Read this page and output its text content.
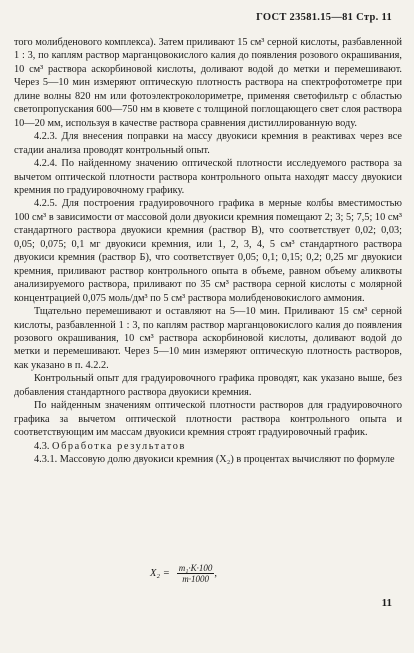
ГОСТ 23581.15—81 Стр. 11

того молибденового комплекса). Затем приливают 15 см³ серной кислоты, разбавленной 1 : 3, по каплям раствор марганцовокислого калия до появления розового окрашивания, 10 см³ раствора аскорбиновой кислоты, доливают водой до метки и перемешивают. Через 5—10 мин измеряют оптическую плотность раствора на спектрофотометре при длине волны 820 нм или фотоэлектроколориметре, применяя светофильтр с областью светопропускания 600—750 нм в кювете с толщиной поглощающего свет слоя раствора 10—20 мм, используя в качестве раствора сравнения дистиллированную воду.

4.2.3. Для внесения поправки на массу двуокиси кремния в реактивах через все стадии анализа проводят контрольный опыт.

4.2.4. По найденному значению оптической плотности исследуемого раствора за вычетом оптической плотности раствора контрольного опыта находят массу двуокиси кремния по градуировочному графику.

4.2.5. Для построения градуировочного графика в мерные колбы вместимостью 100 см³ в зависимости от массовой доли двуокиси кремния помещают 2; 3; 5; 7,5; 10 см³ стандартного раствора двуокиси кремния (раствор В), что соответствует 0,02; 0,03; 0,05; 0,075; 0,1 мг двуокиси кремния, или 1, 2, 3, 4, 5 см³ стандартного раствора двуокиси кремния (раствор Б), что соответствует 0,05; 0,1; 0,15; 0,2; 0,25 мг двуокиси кремния, приливают раствор контрольного опыта в объеме, равном объему аликвоты анализируемого раствора, приливают по 35 см³ раствора серной кислоты с молярной концентрацией 0,075 моль/дм³ по 5 см³ раствора молибденовокислого аммония.

Тщательно перемешивают и оставляют на 5—10 мин. Приливают 15 см³ серной кислоты, разбавленной 1 : 3, по каплям раствор марганцовокислого калия до появления розового окрашивания, 10 см³ раствора аскорбиновой кислоты, доливают водой до метки и перемешивают. Через 5—10 мин измеряют оптическую плотность растворов, как указано в п. 4.2.2.

Контрольный опыт для градуировочного графика проводят, как указано выше, без добавления стандартного раствора двуокиси кремния.

По найденным значениям оптической плотности растворов для градуировочного графика за вычетом оптической плотности раствора контрольного опыта и соответствующим им массам двуокиси кремния строят градуировочный график.

4.3. Обработка результатов

4.3.1. Массовую долю двуокиси кремния (X₂) в процентах вычисляют по формуле

$X_2 = \frac{\text{m₁·K·100}}{m\cdot 1000}$ ,
11
